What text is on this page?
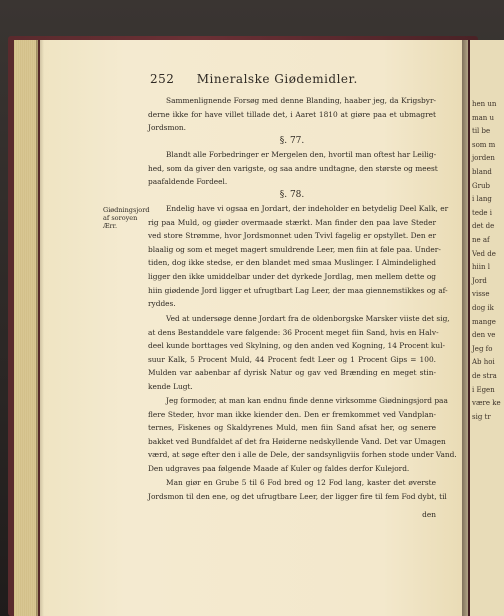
hen un
man u
til be
som m
jorden
bland
Grub
i lang
tede i
det de
ne af
Ved de
hiin l
Jord
visse
dog ik
mange
den ve
Jeg fo
Ab hoi
de stra
i Egen
være ke
sig tr
252 Mineralske Giødemidler.
Sammenlignende Forsøg med denne Blanding, haaber jeg, da Krigsbyr-
derne ikke for have villet tillade det, i Aaret 1810 at giøre paa et ubmagret
Jordsmon.
§. 77.
Blandt alle Forbedringer er Mergelen den, hvortil man oftest har Leilig-
hed, som da giver den varigste, og saa andre undtagne, den største og meest
paafaldende Fordeel.
§. 78.
Giødningsjord
af soroyen
Ærr.
Endelig have vi ogsaa en Jordart, der indeholder en betydelig Deel Kalk, er
rig paa Muld, og giøder overmaade stærkt. Man finder den paa lave Steder
ved store Strømme, hvor Jordsmonnet uden Tvivl fagelig er opstyllet. Den er
blaalig og som et meget magert smuldrende Leer, men fiin at føle paa. Under-
tiden, dog ikke stedse, er den blandet med smaa Muslinger. I Almindelighed
ligger den ikke umiddelbar under det dyrkede Jordlag, men mellem dette og
hiin giødende Jord ligger et ufrugtbart Lag Leer, der maa giennemstikkes og af-
ryddes.
Ved at undersøge denne Jordart fra de oldenborgske Marsker viiste det sig,
at dens Bestanddele vare følgende: 36 Procent meget fiin Sand, hvis en Halv-
deel kunde borttages ved Skylning, og den anden ved Kogning, 14 Procent kul-
suur Kalk, 5 Procent Muld, 44 Procent fedt Leer og 1 Procent Gips = 100.
Mulden var aabenbar af dyrisk Natur og gav ved Brænding en meget stin-
kende Lugt.
Jeg formoder, at man kan endnu finde denne virksomme Giødningsjord paa
flere Steder, hvor man ikke kiender den. Den er fremkommet ved Vandplan-
ternes, Fiskenes og Skaldyrenes Muld, men fiin Sand afsat her, og senere
bakket ved Bundfaldet af det fra Høiderne nedskyllende Vand. Det var Umagen
værd, at søge efter den i alle de Dele, der sandsynligviis forhen stode under Vand.
Den udgraves paa følgende Maade af Kuler og faldes derfor Kulejord.
Man giør en Grube 5 til 6 Fod bred og 12 Fod lang, kaster det øverste
Jordsmon til den ene, og det ufrugtbare Leer, der ligger fire til fem Fod dybt, til
den
